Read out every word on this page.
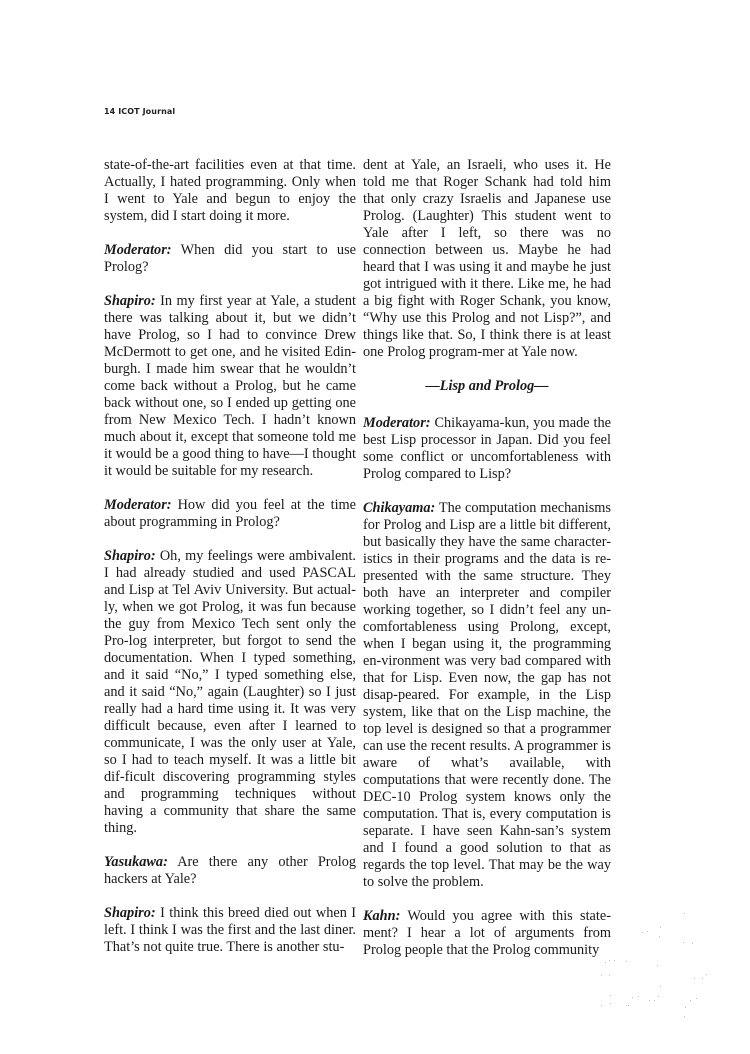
14 ICOT Journal

state-of-the-art facilities even at that time. Actually, I hated programming. Only when I went to Yale and begun to enjoy the system, did I start doing it more.

Moderator: When did you start to use Prolog?

Shapiro: In my first year at Yale, a student there was talking about it, but we didn’t have Prolog, so I had to convince Drew McDermott to get one, and he visited Edin-burgh. I made him swear that he wouldn’t come back without a Prolog, but he came back without one, so I ended up getting one from New Mexico Tech. I hadn’t known much about it, except that someone told me it would be a good thing to have—I thought it would be suitable for my research.

Moderator: How did you feel at the time about programming in Prolog?

Shapiro: Oh, my feelings were ambivalent. I had already studied and used PASCAL and Lisp at Tel Aviv University. But actual-ly, when we got Prolog, it was fun because the guy from Mexico Tech sent only the Pro-log interpreter, but forgot to send the documentation. When I typed something, and it said “No,” I typed something else, and it said “No,” again (Laughter) so I just really had a hard time using it. It was very difficult because, even after I learned to communicate, I was the only user at Yale, so I had to teach myself. It was a little bit dif-ficult discovering programming styles and programming techniques without having a community that share the same thing.

Yasukawa: Are there any other Prolog hackers at Yale?

Shapiro: I think this breed died out when I left. I think I was the first and the last diner. That’s not quite true. There is another stu-

dent at Yale, an Israeli, who uses it. He told me that Roger Schank had told him that only crazy Israelis and Japanese use Prolog. (Laughter) This student went to Yale after I left, so there was no connection between us. Maybe he had heard that I was using it and maybe he just got intrigued with it there. Like me, he had a big fight with Roger Schank, you know, “Why use this Prolog and not Lisp?”, and things like that. So, I think there is at least one Prolog program-mer at Yale now.

—Lisp and Prolog—

Moderator: Chikayama-kun, you made the best Lisp processor in Japan. Did you feel some conflict or uncomfortableness with Prolog compared to Lisp?

Chikayama: The computation mechanisms for Prolog and Lisp are a little bit different, but basically they have the same character-istics in their programs and the data is re-presented with the same structure. They both have an interpreter and compiler working together, so I didn’t feel any un-comfortableness using Prolong, except, when I began using it, the programming en-vironment was very bad compared with that for Lisp. Even now, the gap has not disap-peared. For example, in the Lisp system, like that on the Lisp machine, the top level is designed so that a programmer can use the recent results. A programmer is aware of what’s available, with computations that were recently done. The DEC-10 Prolog system knows only the computation. That is, every computation is separate. I have seen Kahn-san’s system and I found a good solution to that as regards the top level. That may be the way to solve the problem.

Kahn: Would you agree with this state-ment? I hear a lot of arguments from Prolog people that the Prolog community
